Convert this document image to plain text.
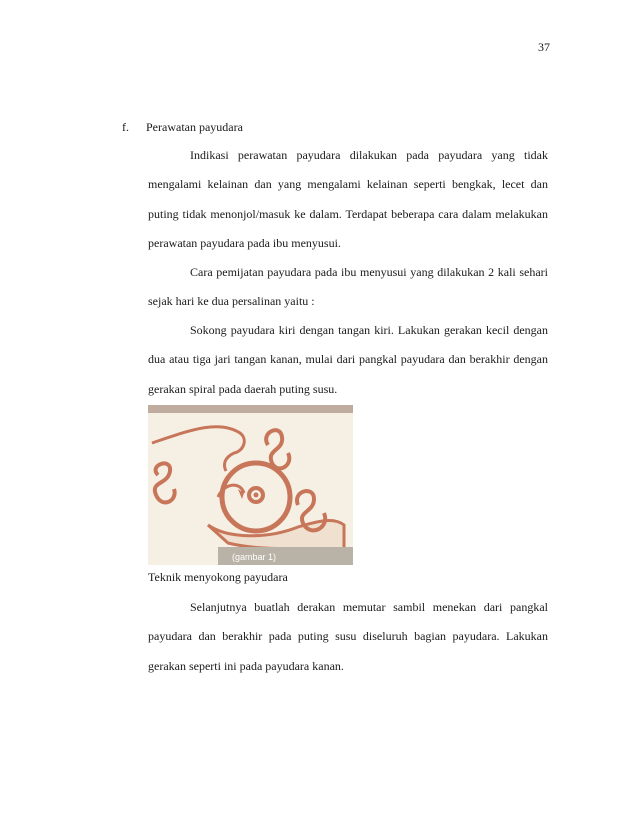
37
f. Perawatan payudara

Indikasi perawatan payudara dilakukan pada payudara yang tidak mengalami kelainan dan yang mengalami kelainan seperti bengkak, lecet dan puting tidak menonjol/masuk ke dalam. Terdapat beberapa cara dalam melakukan perawatan payudara pada ibu menyusui.

Cara pemijatan payudara pada ibu menyusui yang dilakukan 2 kali sehari sejak hari ke dua persalinan yaitu :

Sokong payudara kiri dengan tangan kiri. Lakukan gerakan kecil dengan dua atau tiga jari tangan kanan, mulai dari pangkal payudara dan berakhir dengan gerakan spiral pada daerah puting susu.

(gambar 1)
Teknik menyokong payudara

Selanjutnya buatlah derakan memutar sambil menekan dari pangkal payudara dan berakhir pada puting susu diseluruh bagian payudara. Lakukan gerakan seperti ini pada payudara kanan.
